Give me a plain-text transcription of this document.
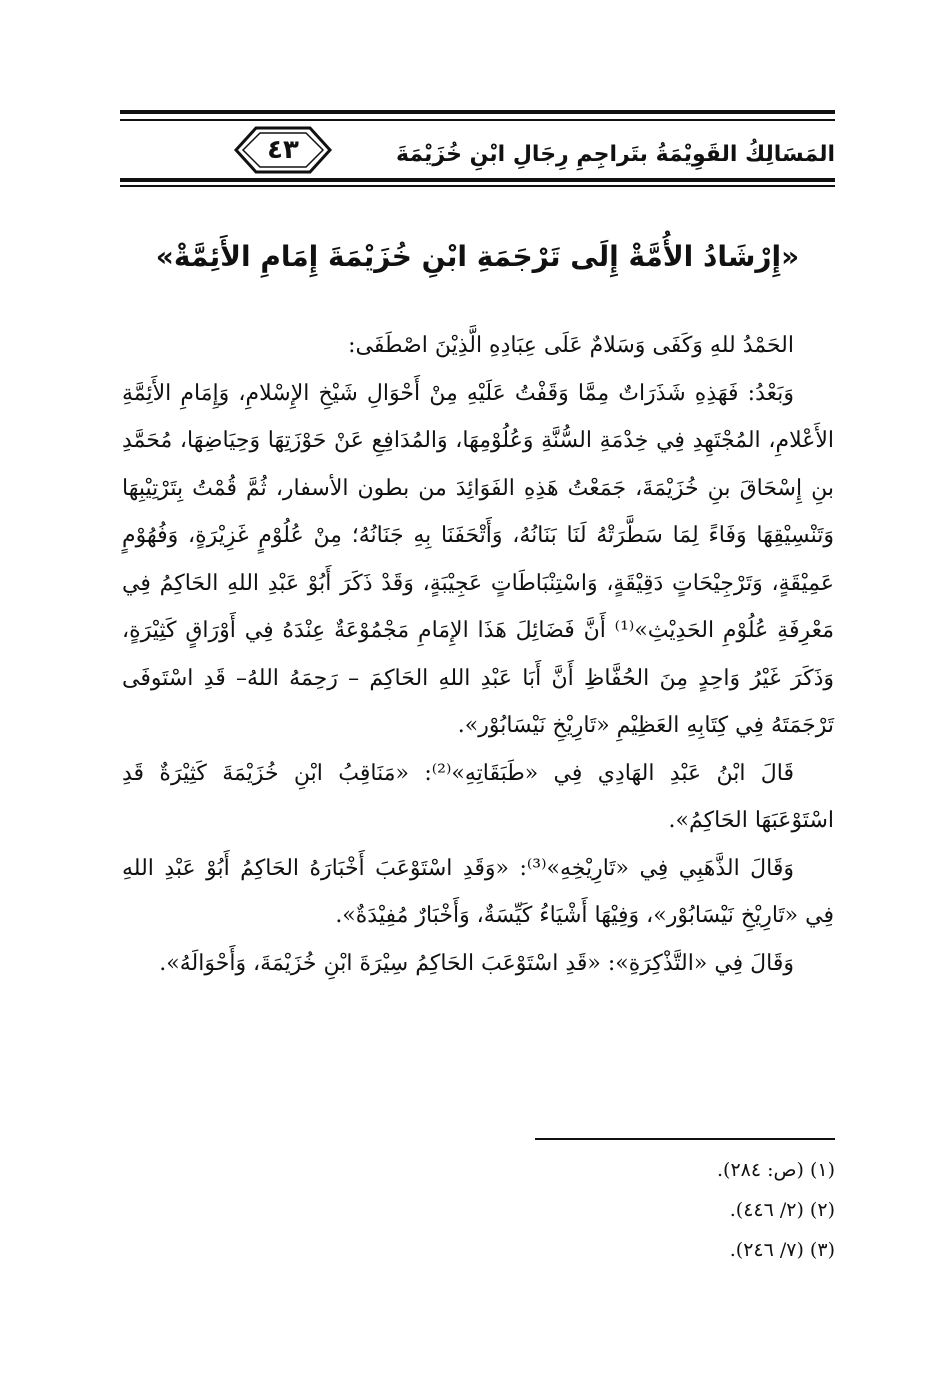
المَسَالِكُ القَوِيْمَةُ بتَراجِمِ رِجَالِ ابْنِ خُزَيْمَةَ
٤٣
«إِرْشَادُ الأُمَّةْ إِلَى تَرْجَمَةِ ابْنِ خُزَيْمَةَ إِمَامِ الأَئِمَّةْ»

الحَمْدُ للهِ وَكَفَى وَسَلامٌ عَلَى عِبَادِهِ الَّذِيْنَ اصْطَفَى:

وَبَعْدُ: فَهَذِهِ شَذَرَاتٌ مِمَّا وَقَفْتُ عَلَيْهِ مِنْ أَحْوَالِ شَيْخِ الإِسْلامِ، وَإِمَامِ الأَئِمَّةِ الأَعْلامِ، المُجْتَهِدِ فِي خِدْمَةِ السُّنَّةِ وَعُلُوْمِهَا، وَالمُدَافِعِ عَنْ حَوْزَتِهَا وَحِيَاضِهَا، مُحَمَّدِ بنِ إِسْحَاقَ بنِ خُزَيْمَةَ، جَمَعْتُ هَذِهِ الفَوَائِدَ من بطون الأسفار، ثُمَّ قُمْتُ بِتَرْتِيْبِهَا وَتَنْسِيْقِهَا وَفَاءً لِمَا سَطَّرَتْهُ لَنَا بَنَانُهُ، وَأَتْحَفَنَا بِهِ جَنَانُهُ؛ مِنْ عُلُوْمٍ غَزِيْرَةٍ، وَفُهُوْمٍ عَمِيْقَةٍ، وَتَرْجِيْحَاتٍ دَقِيْقَةٍ، وَاسْتِنْبَاطَاتٍ عَجِيْبَةٍ، وَقَدْ ذَكَرَ أَبُوْ عَبْدِ اللهِ الحَاكِمُ فِي مَعْرِفَةِ عُلُوْمِ الحَدِيْثِ»⁽¹⁾ أَنَّ فَضَائِلَ هَذَا الإِمَامِ مَجْمُوْعَةٌ عِنْدَهُ فِي أَوْرَاقٍ كَثِيْرَةٍ، وَذَكَرَ غَيْرُ وَاحِدٍ مِنَ الحُفَّاظِ أَنَّ أَبَا عَبْدِ اللهِ الحَاكِمَ – رَحِمَهُ اللهُ– قَدِ اسْتَوفَى تَرْجَمَتَهُ فِي كِتَابِهِ العَظِيْمِ «تَارِيْخِ نَيْسَابُوْر».

قَالَ ابْنُ عَبْدِ الهَادِي فِي «طَبَقَاتِهِ»⁽²⁾: «مَنَاقِبُ ابْنِ خُزَيْمَةَ كَثِيْرَةٌ قَدِ اسْتَوْعَبَهَا الحَاكِمُ».

وَقَالَ الذَّهَبِي فِي «تَارِيْخِهِ»⁽³⁾: «وَقَدِ اسْتَوْعَبَ أَخْبَارَهُ الحَاكِمُ أَبُوْ عَبْدِ اللهِ فِي «تَارِيْخِ نَيْسَابُوْر»، وَفِيْهَا أَشْيَاءُ كَيِّسَةٌ، وَأَخْبَارٌ مُفِيْدَةٌ».

وَقَالَ فِي «التَّذْكِرَةِ»: «قَدِ اسْتَوْعَبَ الحَاكِمُ سِيْرَةَ ابْنِ خُزَيْمَةَ، وَأَحْوَالَهُ».

(١) (ص: ٢٨٤).
(٢) (٢/ ٤٤٦).
(٣) (٧/ ٢٤٦).
